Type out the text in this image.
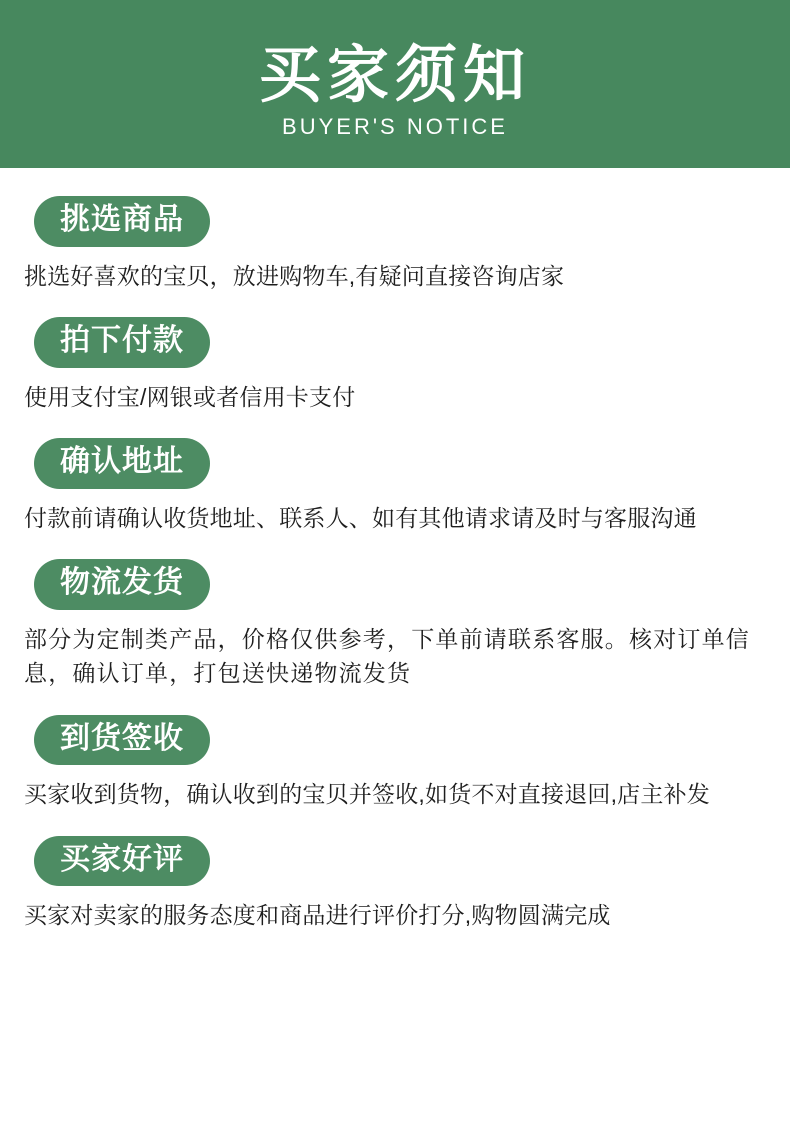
买家须知
BUYER'S NOTICE
挑选商品
挑选好喜欢的宝贝，放进购物车,有疑问直接咨询店家
拍下付款
使用支付宝/网银或者信用卡支付
确认地址
付款前请确认收货地址、联系人、如有其他请求请及时与客服沟通
物流发货
部分为定制类产品，价格仅供参考，下单前请联系客服。核对订单信息，确认订单，打包送快递物流发货
到货签收
买家收到货物，确认收到的宝贝并签收,如货不对直接退回,店主补发
买家好评
买家对卖家的服务态度和商品进行评价打分,购物圆满完成
